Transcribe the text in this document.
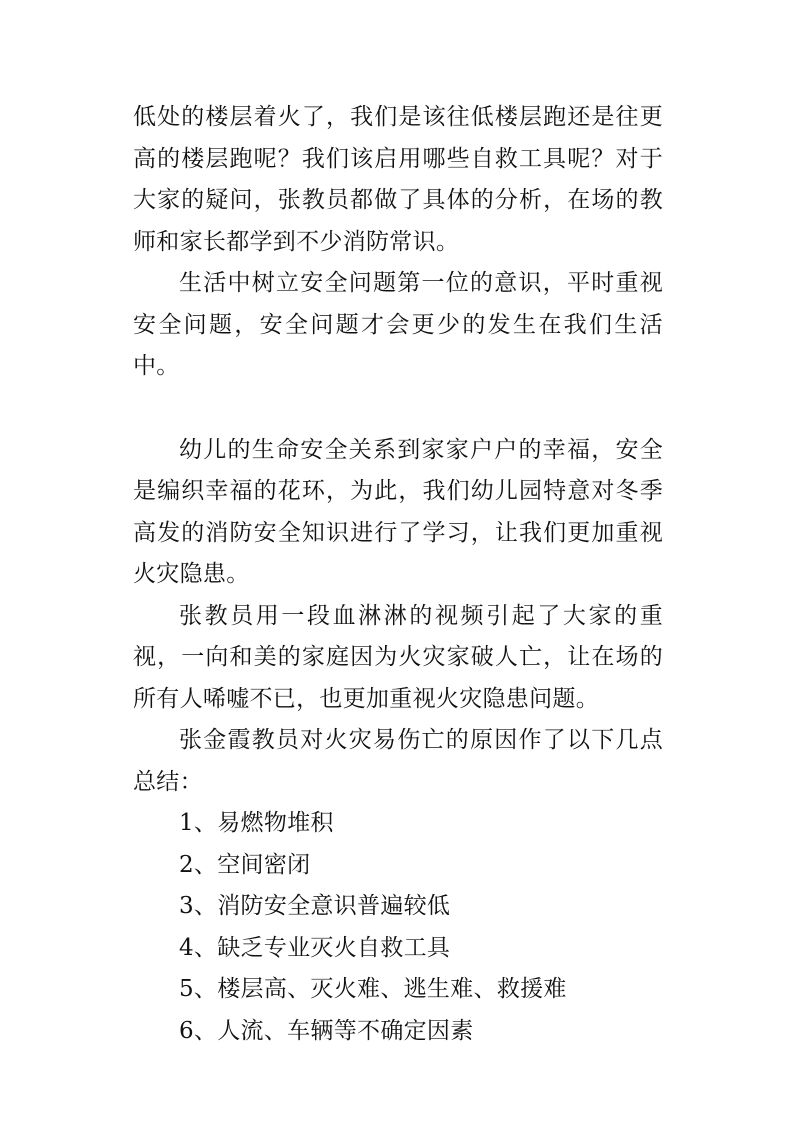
低处的楼层着火了，我们是该往低楼层跑还是往更高的楼层跑呢？我们该启用哪些自救工具呢？对于大家的疑问，张教员都做了具体的分析，在场的教师和家长都学到不少消防常识。

生活中树立安全问题第一位的意识，平时重视安全问题，安全问题才会更少的发生在我们生活中。

幼儿的生命安全关系到家家户户的幸福，安全是编织幸福的花环，为此，我们幼儿园特意对冬季高发的消防安全知识进行了学习，让我们更加重视火灾隐患。

张教员用一段血淋淋的视频引起了大家的重视，一向和美的家庭因为火灾家破人亡，让在场的所有人唏嘘不已，也更加重视火灾隐患问题。

张金霞教员对火灾易伤亡的原因作了以下几点总结：

1、易燃物堆积
2、空间密闭
3、消防安全意识普遍较低
4、缺乏专业灭火自救工具
5、楼层高、灭火难、逃生难、救援难
6、人流、车辆等不确定因素
